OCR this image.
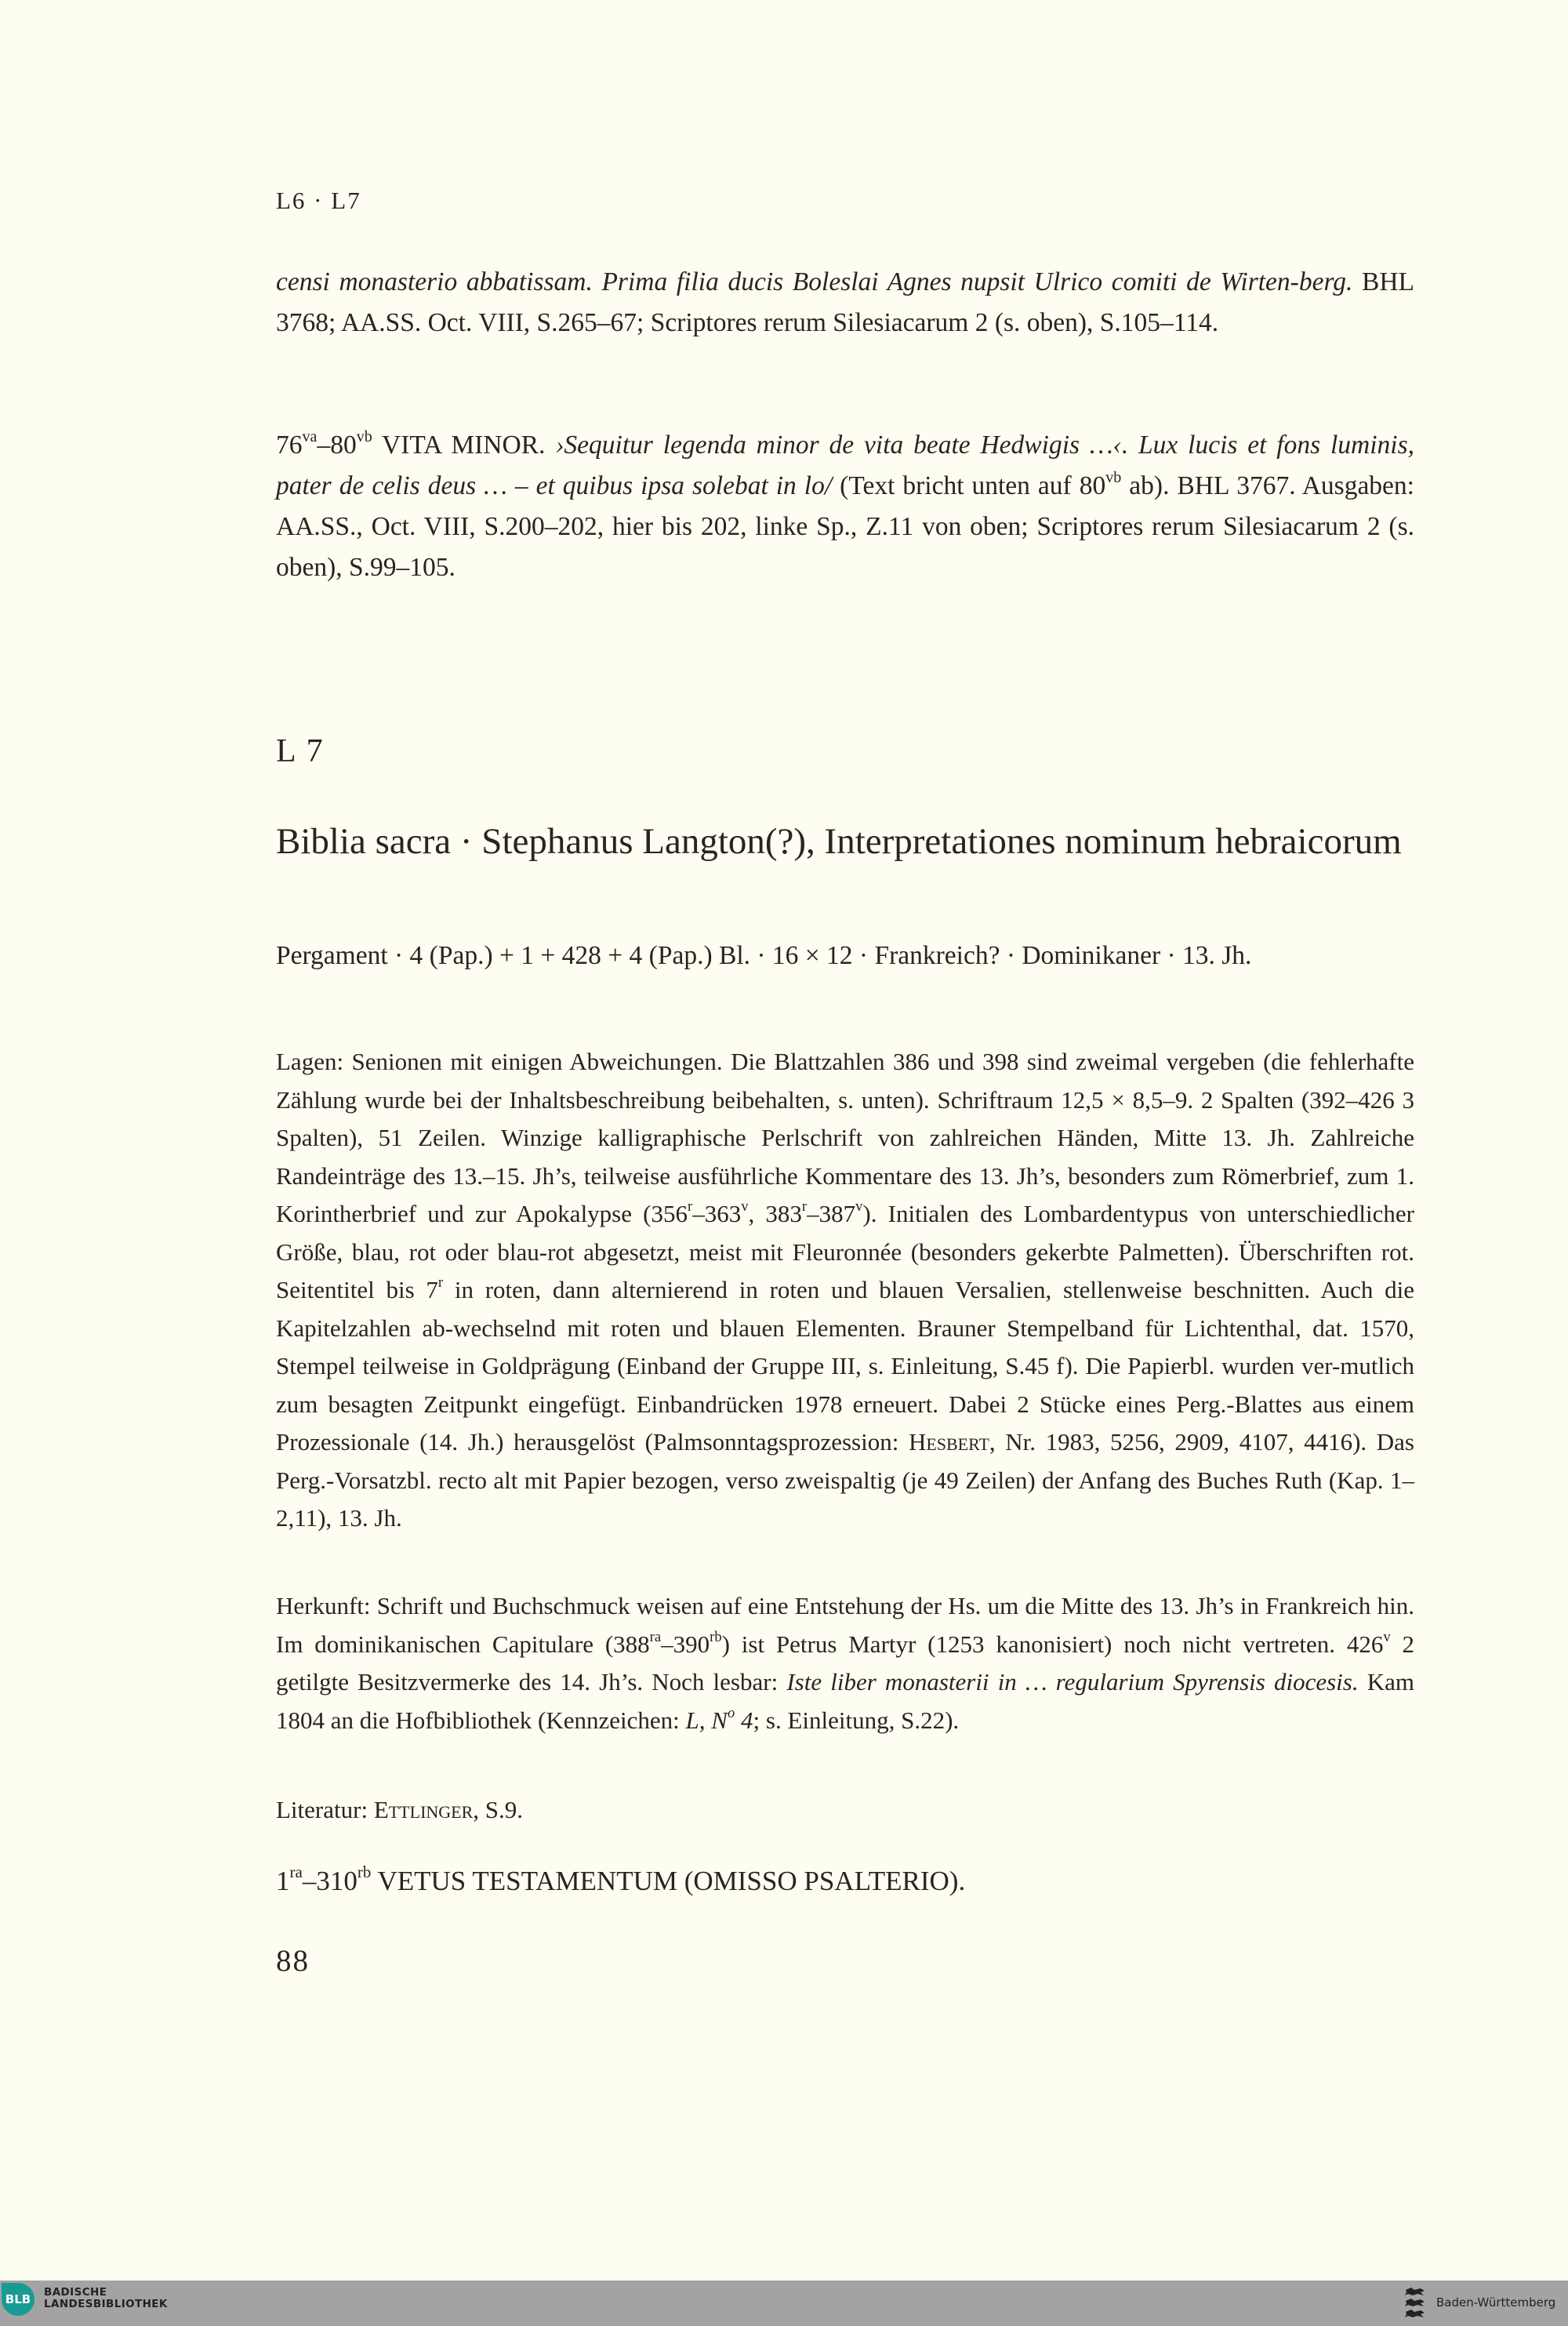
L6 · L7

censi monasterio abbatissam. Prima filia ducis Boleslai Agnes nupsit Ulrico comiti de Wirten-berg. BHL 3768; AA.SS. Oct. VIII, S.265–67; Scriptores rerum Silesiacarum 2 (s. oben), S.105–114.

$76^{va}-80^{vb}$ VITA MINOR. ›Sequitur legenda minor de vita beate Hedwigis …‹. Lux lucis et fons luminis, pater de celis deus … – et quibus ipsa solebat in lo/ (Text bricht unten auf $80^{vb}$ ab). BHL 3767. Ausgaben: AA.SS., Oct. VIII, S.200–202, hier bis 202, linke Sp., Z.11 von oben; Scriptores rerum Silesiacarum 2 (s. oben), S.99–105.

L 7
Biblia sacra · Stephanus Langton(?), Interpretationes nominum hebraicorum

Pergament · 4 (Pap.) + 1 + 428 + 4 (Pap.) Bl. · 16 × 12 · Frankreich? · Dominikaner · 13. Jh.

Lagen: Senionen mit einigen Abweichungen. Die Blattzahlen 386 und 398 sind zweimal vergeben (die fehlerhafte Zählung wurde bei der Inhaltsbeschreibung beibehalten, s. unten). Schriftraum 12,5 × 8,5–9. 2 Spalten (392–426 3 Spalten), 51 Zeilen. Winzige kalligraphische Perlschrift von zahlreichen Händen, Mitte 13. Jh. Zahlreiche Randeinträge des 13.–15. Jh’s, teilweise ausführliche Kommentare des 13. Jh’s, besonders zum Römerbrief, zum 1. Korintherbrief und zur Apokalypse (356$^r$–363$^v$, 383$^r$–387$^v$). Initialen des Lombardentypus von unterschiedlicher Größe, blau, rot oder blau-rot abgesetzt, meist mit Fleuronnée (besonders gekerbte Palmetten). Überschriften rot. Seitentitel bis 7$^r$ in roten, dann alternierend in roten und blauen Versalien, stellenweise beschnitten. Auch die Kapitelzahlen ab-wechselnd mit roten und blauen Elementen. Brauner Stempelband für Lichtenthal, dat. 1570, Stempel teilweise in Goldprägung (Einband der Gruppe III, s. Einleitung, S.45 f). Die Papierbl. wurden ver-mutlich zum besagten Zeitpunkt eingefügt. Einbandrücken 1978 erneuert. Dabei 2 Stücke eines Perg.-Blattes aus einem Prozessionale (14. Jh.) herausgelöst (Palmsonntagsprozession: Hesbert, Nr. 1983, 5256, 2909, 4107, 4416). Das Perg.-Vorsatzbl. recto alt mit Papier bezogen, verso zweispaltig (je 49 Zeilen) der Anfang des Buches Ruth (Kap. 1–2,11), 13. Jh.

Herkunft: Schrift und Buchschmuck weisen auf eine Entstehung der Hs. um die Mitte des 13. Jh’s in Frankreich hin. Im dominikanischen Capitulare $(388^{ra}-390^{rb})$ ist Petrus Martyr (1253 kanonisiert) noch nicht vertreten. 426$^v$ 2 getilgte Besitzvermerke des 14. Jh’s. Noch lesbar: Iste liber monasterii in … regularium Spyrensis diocesis. Kam 1804 an die Hofbibliothek (Kennzeichen: L, $N^o$ 4; s. Einleitung, S.22).

Literatur: Ettlinger, S.9.

$1^{ra}-310^{rb}$ VETUS TESTAMENTUM (OMISSO PSALTERIO).

88
BLB	BADISCHE
LANDESBIBLIOTHEK	Baden-Württemberg
